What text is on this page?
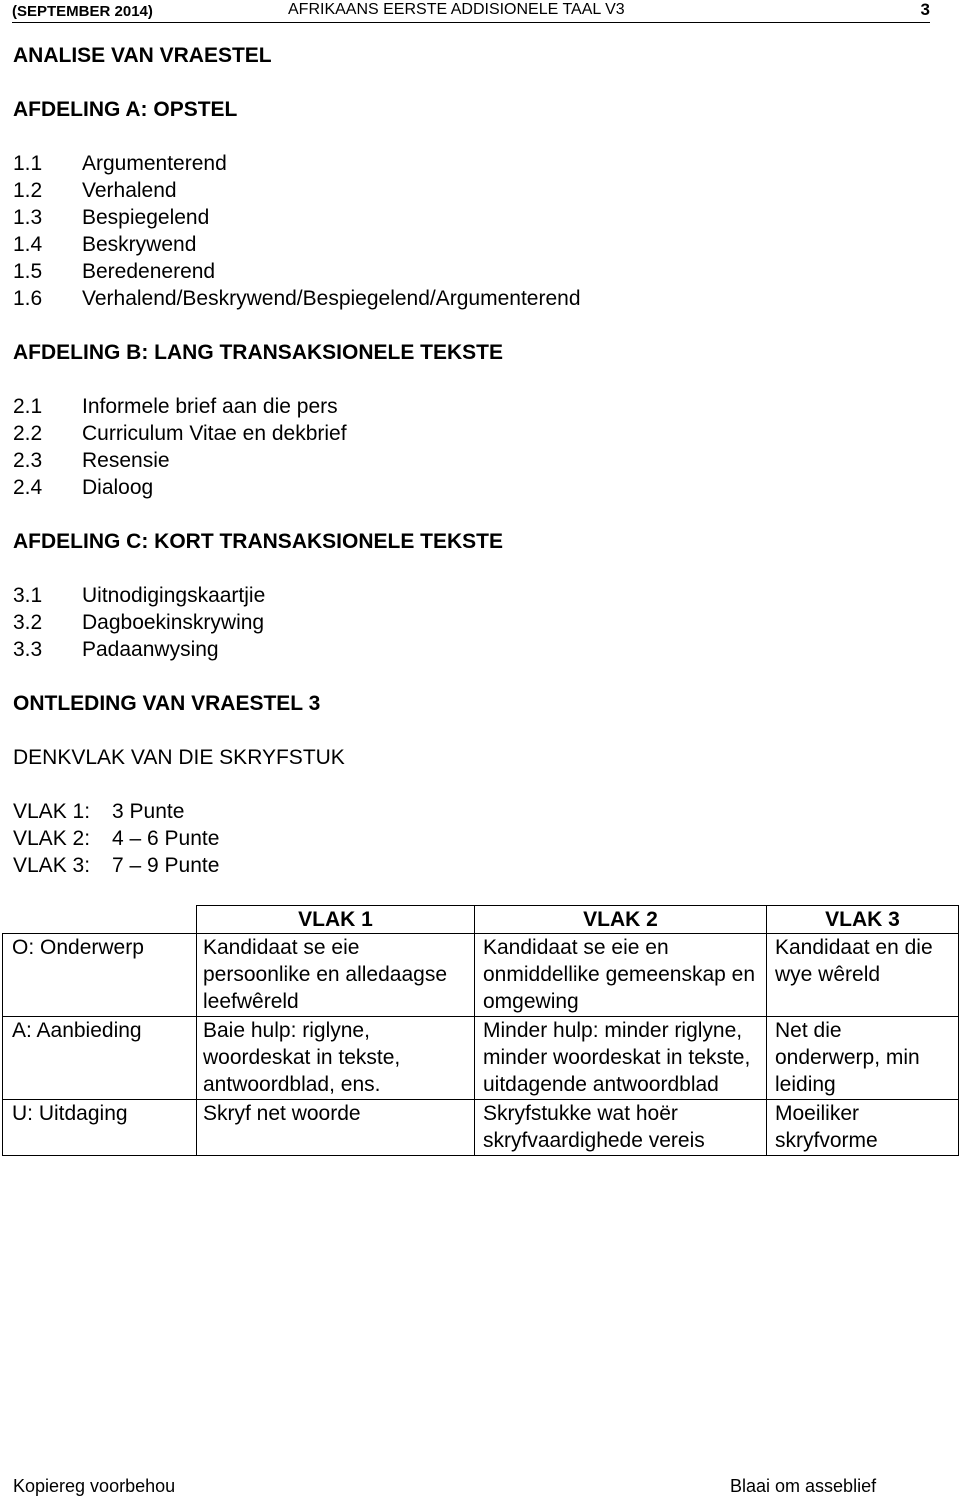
(SEPTEMBER 2014)	AFRIKAANS EERSTE ADDISIONELE TAAL V3	3
ANALISE VAN VRAESTEL
AFDELING A: OPSTEL
1.1	Argumenterend
1.2	Verhalend
1.3	Bespiegelend
1.4	Beskrywend
1.5	Beredenerend
1.6	Verhalend/Beskrywend/Bespiegelend/Argumenterend
AFDELING B: LANG TRANSAKSIONELE TEKSTE
2.1	Informele brief aan die pers
2.2	Curriculum Vitae en dekbrief
2.3	Resensie
2.4	Dialoog
AFDELING C: KORT TRANSAKSIONELE TEKSTE
3.1	Uitnodigingskaartjie
3.2	Dagboekinskrywing
3.3	Padaanwysing
ONTLEDING VAN VRAESTEL 3
DENKVLAK VAN DIE SKRYFSTUK
VLAK 1:	3 Punte
VLAK 2:	4 – 6 Punte
VLAK 3:	7 – 9 Punte
	VLAK 1	VLAK 2	VLAK 3
O: Onderwerp	Kandidaat se eie persoonlike en alledaagse leefwêreld	Kandidaat se eie en onmiddellike gemeenskap en omgewing	Kandidaat en die wye wêreld
A: Aanbieding	Baie hulp: riglyne, woordeskat in tekste, antwoordblad, ens.	Minder hulp: minder riglyne, minder woordeskat in tekste, uitdagende antwoordblad	Net die onderwerp, min leiding
U: Uitdaging	Skryf net woorde	Skryfstukke wat hoër skryfvaardighede vereis	Moeiliker skryfvorme
Kopiereg voorbehou	Blaai om asseblief
